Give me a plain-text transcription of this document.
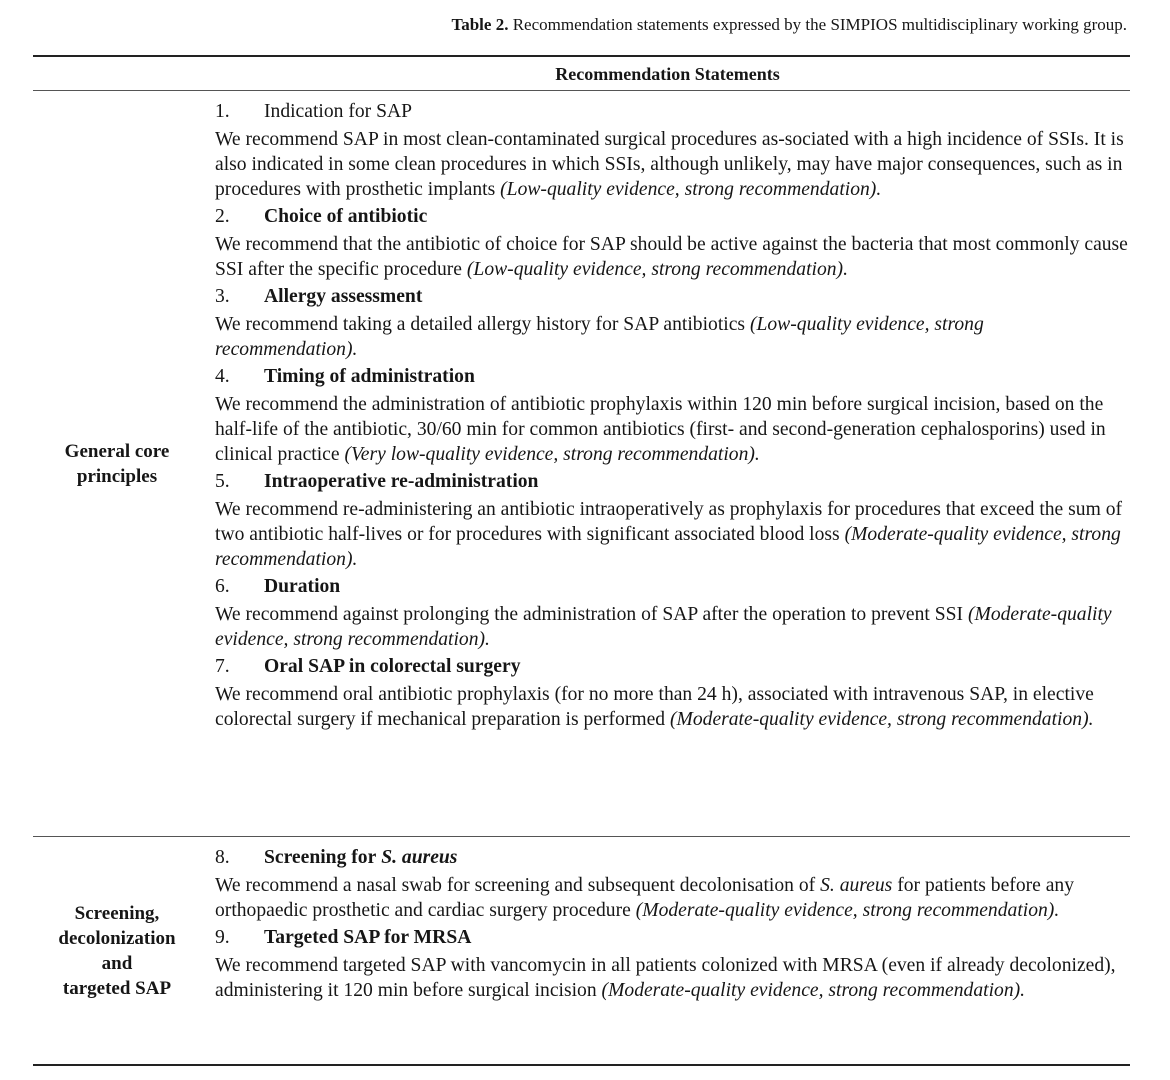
Table 2. Recommendation statements expressed by the SIMPIOS multidisciplinary working group.
Recommendation Statements
General core
principles
1. Indication for SAP

We recommend SAP in most clean-contaminated surgical procedures as-sociated with a high incidence of SSIs. It is also indicated in some clean procedures in which SSIs, although unlikely, may have major consequences, such as in procedures with prosthetic implants (Low-quality evidence, strong recommendation).

2. Choice of antibiotic

We recommend that the antibiotic of choice for SAP should be active against the bacteria that most commonly cause SSI after the specific procedure (Low-quality evidence, strong recommendation).

3. Allergy assessment

We recommend taking a detailed allergy history for SAP antibiotics (Low-quality evidence, strong recommendation).

4. Timing of administration

We recommend the administration of antibiotic prophylaxis within 120 min before surgical incision, based on the half-life of the antibiotic, 30/60 min for common antibiotics (first- and second-generation cephalosporins) used in clinical practice (Very low-quality evidence, strong recommendation).

5. Intraoperative re-administration

We recommend re-administering an antibiotic intraoperatively as prophylaxis for procedures that exceed the sum of two antibiotic half-lives or for procedures with significant associated blood loss (Moderate-quality evidence, strong recommendation).

6. Duration

We recommend against prolonging the administration of SAP after the operation to prevent SSI (Moderate-quality evidence, strong recommendation).

7. Oral SAP in colorectal surgery

We recommend oral antibiotic prophylaxis (for no more than 24 h), associated with intravenous SAP, in elective colorectal surgery if mechanical preparation is performed (Moderate-quality evidence, strong recommendation).

Screening,
decolonization
and
targeted SAP
8. Screening for S. aureus

We recommend a nasal swab for screening and subsequent decolonisation of S. aureus for patients before any orthopaedic prosthetic and cardiac surgery procedure (Moderate-quality evidence, strong recommendation).

9. Targeted SAP for MRSA

We recommend targeted SAP with vancomycin in all patients colonized with MRSA (even if already decolonized), administering it 120 min before surgical incision (Moderate-quality evidence, strong recommendation).
